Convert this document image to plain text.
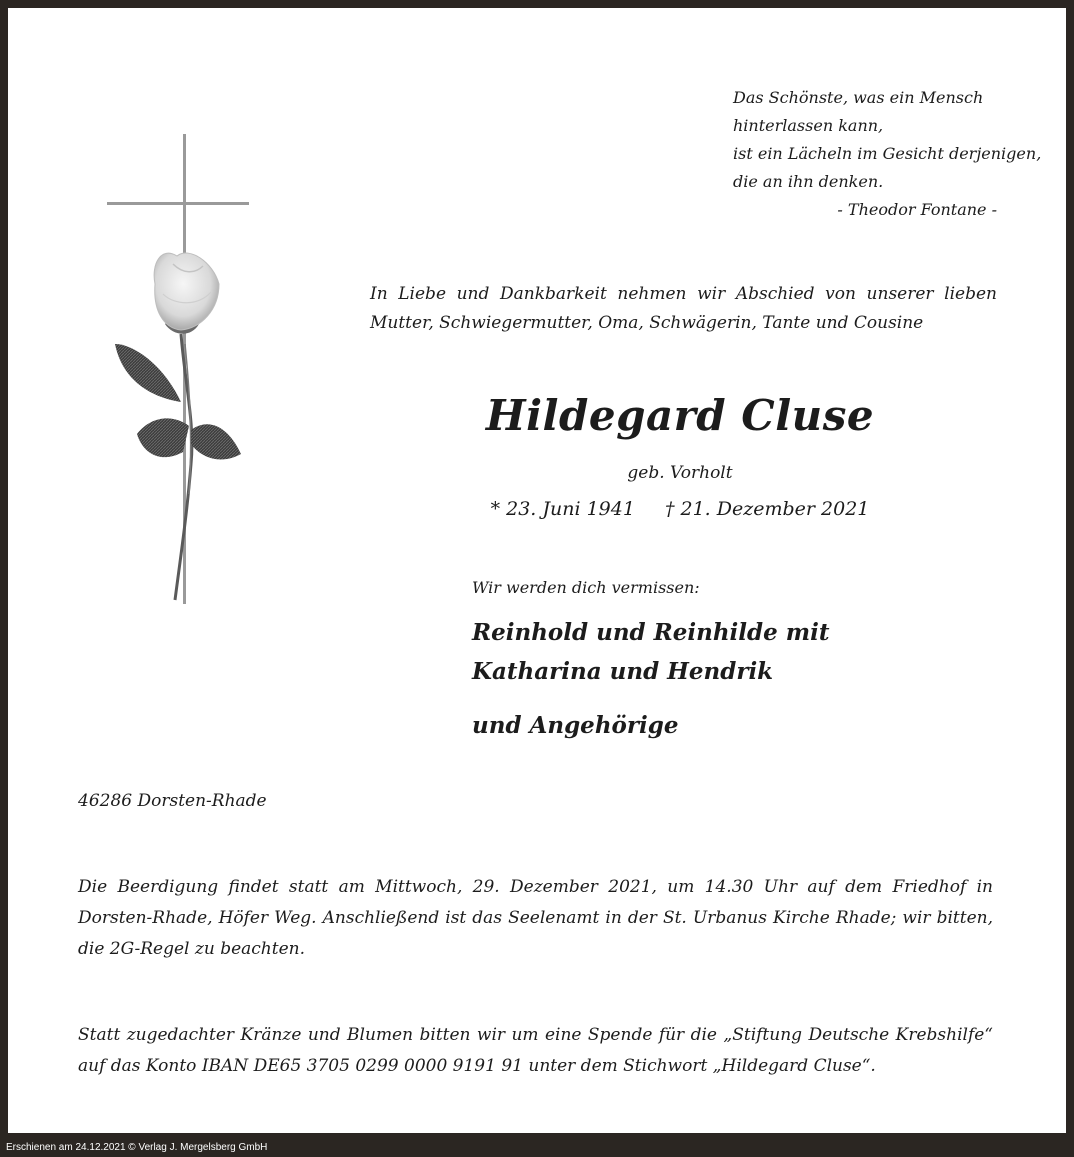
Das Schönste, was ein Mensch
hinterlassen kann,
ist ein Lächeln im Gesicht derjenigen,
die an ihn denken.
- Theodor Fontane -
In Liebe und Dankbarkeit nehmen wir Abschied von unserer lieben Mutter, Schwiegermutter, Oma, Schwägerin, Tante und Cousine
Hildegard Cluse
geb. Vorholt
* 23. Juni 1941 † 21. Dezember 2021
Wir werden dich vermissen:
Reinhold und Reinhilde mit
Katharina und Hendrik
und Angehörige
46286 Dorsten-Rhade
Die Beerdigung findet statt am Mittwoch, 29. Dezember 2021, um 14.30 Uhr auf dem Friedhof in Dorsten-Rhade, Höfer Weg. Anschließend ist das Seelenamt in der St. Urbanus Kirche Rhade; wir bitten, die 2G-Regel zu beachten.
Statt zugedachter Kränze und Blumen bitten wir um eine Spende für die „Stiftung Deutsche Krebshilfe“ auf das Konto IBAN DE65 3705 0299 0000 9191 91 unter dem Stichwort „Hildegard Cluse“.
Erschienen am 24.12.2021 © Verlag J. Mergelsberg GmbH
